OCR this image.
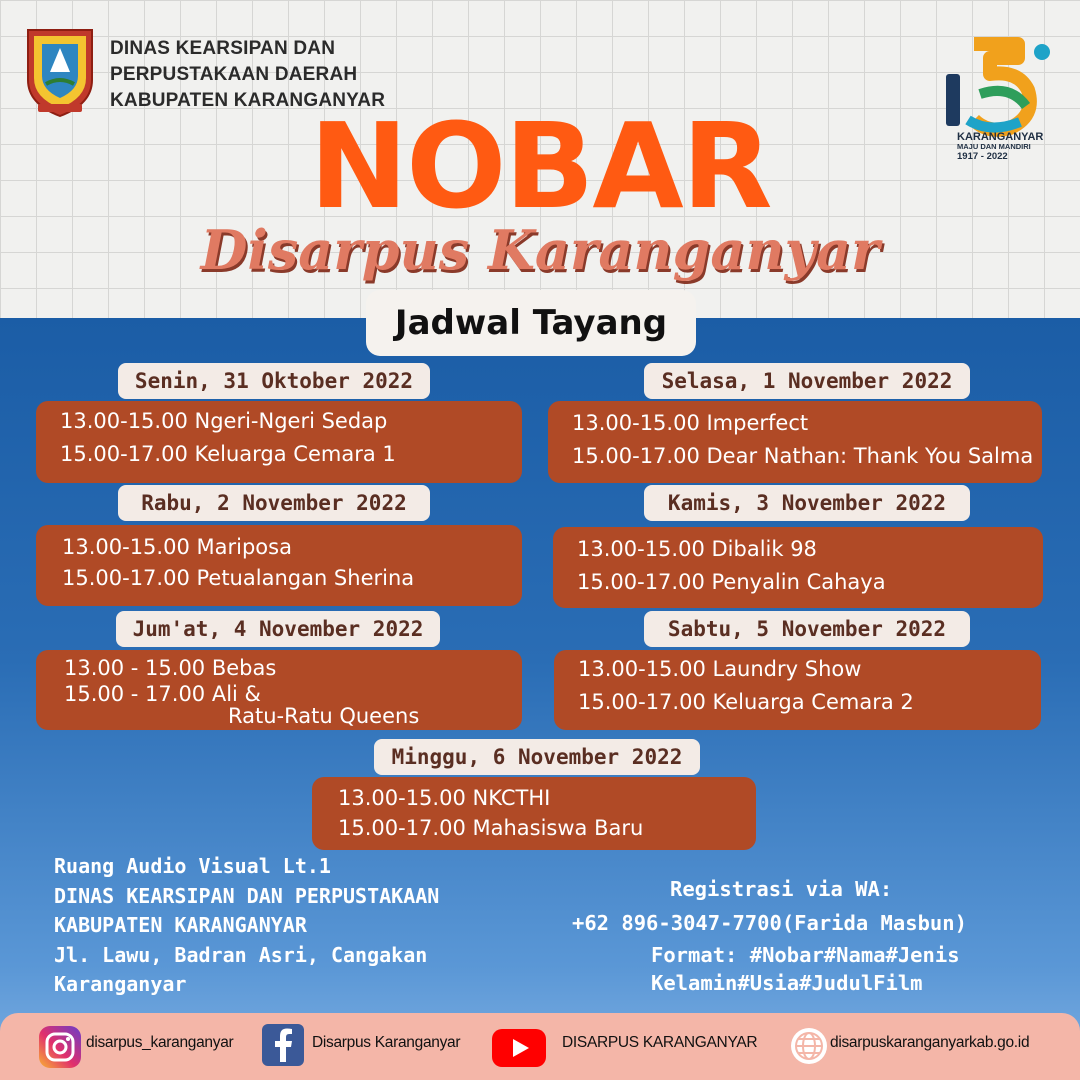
DINAS KEARSIPAN DAN
PERPUSTAKAAN DAERAH
KABUPATEN KARANGANYAR
KARANGANYAR
MAJU DAN MANDIRI
1917 - 2022
NOBAR
Disarpus Karanganyar
Jadwal Tayang
Senin, 31 Oktober 2022
13.00-15.00 Ngeri-Ngeri Sedap
15.00-17.00 Keluarga Cemara 1
Selasa, 1 November 2022
13.00-15.00 Imperfect
15.00-17.00 Dear Nathan: Thank You Salma
Rabu, 2 November 2022
13.00-15.00 Mariposa
15.00-17.00 Petualangan Sherina
Kamis, 3 November 2022
13.00-15.00 Dibalik 98
15.00-17.00 Penyalin Cahaya
Jum'at, 4 November 2022
13.00 - 15.00 Bebas
15.00 - 17.00 Ali &
Ratu-Ratu Queens
Sabtu, 5 November 2022
13.00-15.00 Laundry Show
15.00-17.00 Keluarga Cemara 2
Minggu, 6 November 2022
13.00-15.00 NKCTHI
15.00-17.00 Mahasiswa Baru
Ruang Audio Visual Lt.1
DINAS KEARSIPAN DAN PERPUSTAKAAN
KABUPATEN KARANGANYAR
Jl. Lawu, Badran Asri, Cangakan
Karanganyar
Registrasi via WA:
+62 896-3047-7700(Farida Masbun)
Format: #Nobar#Nama#Jenis
Kelamin#Usia#JudulFilm
disarpus_karanganyar	Disarpus Karanganyar	DISARPUS KARANGANYAR	disarpuskaranganyarkab.go.id
